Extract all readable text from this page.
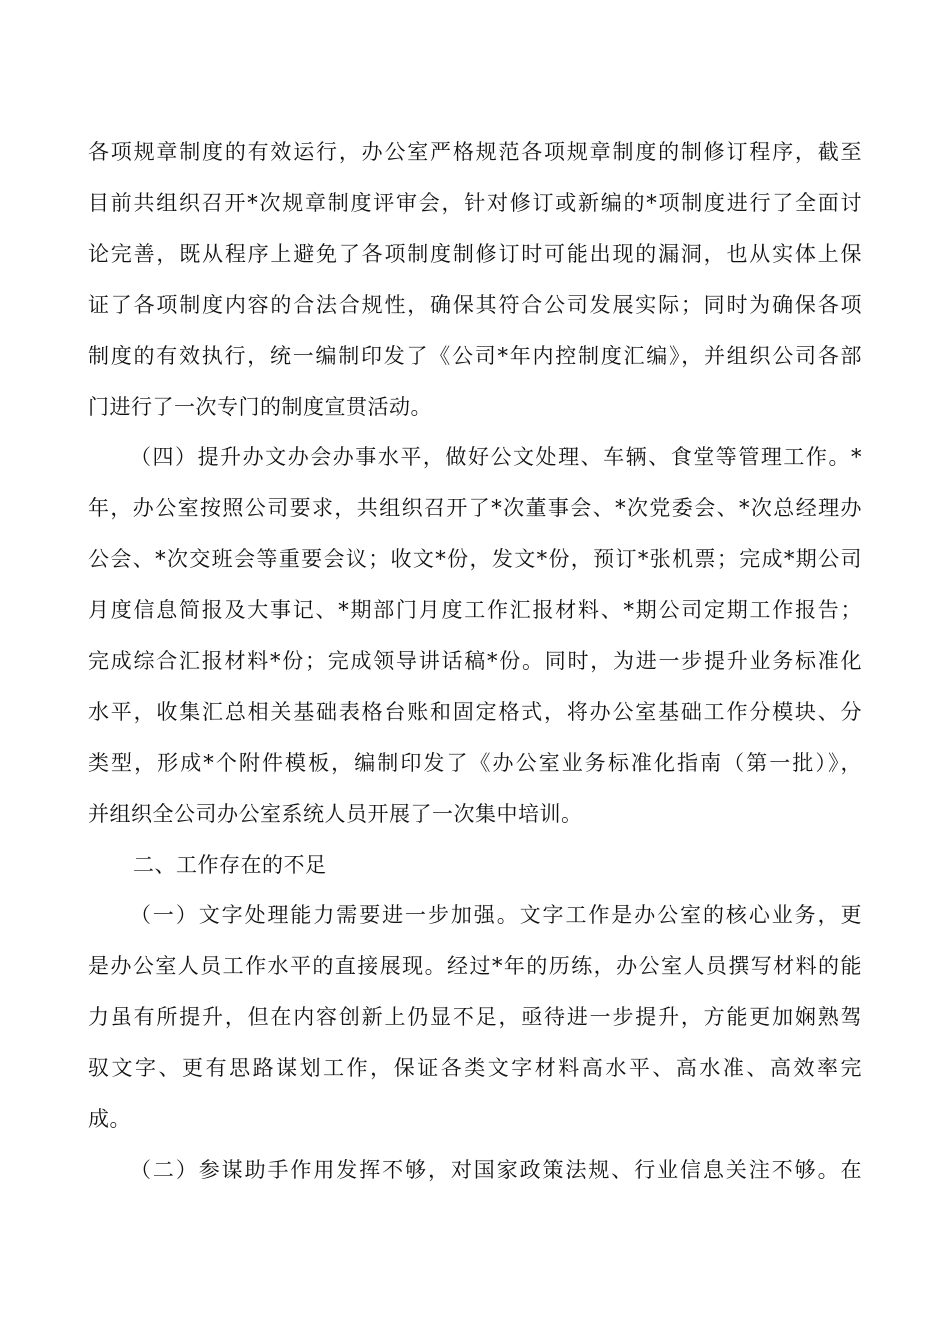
各项规章制度的有效运行，办公室严格规范各项规章制度的制修订程序，截至
目前共组织召开*次规章制度评审会，针对修订或新编的*项制度进行了全面讨
论完善，既从程序上避免了各项制度制修订时可能出现的漏洞，也从实体上保
证了各项制度内容的合法合规性，确保其符合公司发展实际；同时为确保各项
制度的有效执行，统一编制印发了《公司*年内控制度汇编》，并组织公司各部
门进行了一次专门的制度宣贯活动。
（四）提升办文办会办事水平，做好公文处理、车辆、食堂等管理工作。*
年，办公室按照公司要求，共组织召开了*次董事会、*次党委会、*次总经理办
公会、*次交班会等重要会议；收文*份，发文*份，预订*张机票；完成*期公司
月度信息简报及大事记、*期部门月度工作汇报材料、*期公司定期工作报告；
完成综合汇报材料*份；完成领导讲话稿*份。同时，为进一步提升业务标准化
水平，收集汇总相关基础表格台账和固定格式，将办公室基础工作分模块、分
类型，形成*个附件模板，编制印发了《办公室业务标准化指南（第一批）》，
并组织全公司办公室系统人员开展了一次集中培训。
二、工作存在的不足
（一）文字处理能力需要进一步加强。文字工作是办公室的核心业务，更
是办公室人员工作水平的直接展现。经过*年的历练，办公室人员撰写材料的能
力虽有所提升，但在内容创新上仍显不足，亟待进一步提升，方能更加娴熟驾
驭文字、更有思路谋划工作，保证各类文字材料高水平、高水准、高效率完
成。
（二）参谋助手作用发挥不够，对国家政策法规、行业信息关注不够。在
